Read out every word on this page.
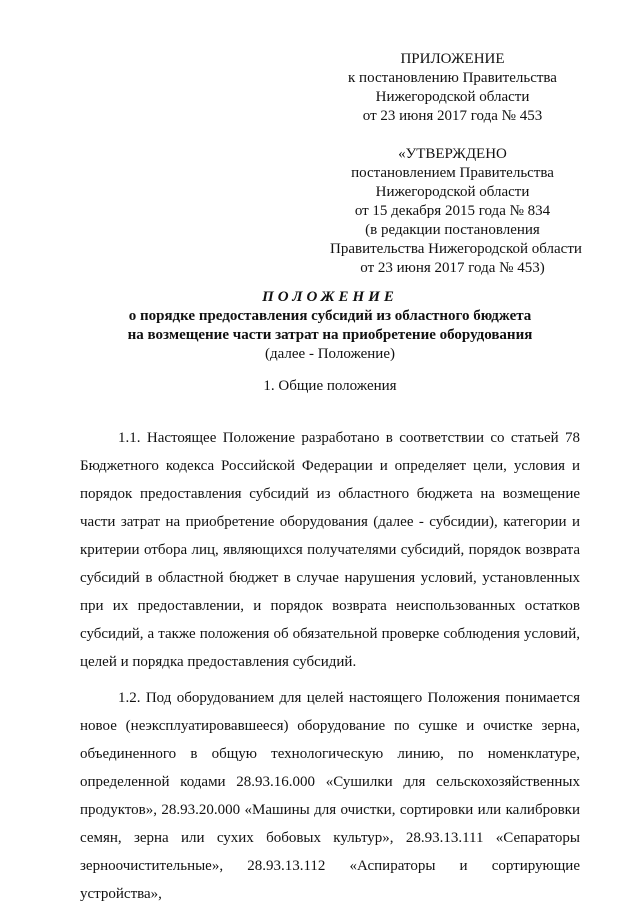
ПРИЛОЖЕНИЕ
к постановлению Правительства
Нижегородской области
от 23 июня 2017 года № 453
«УТВЕРЖДЕНО
постановлением Правительства
Нижегородской области
от 15 декабря 2015 года № 834
(в редакции постановления
Правительства Нижегородской области
от 23 июня 2017 года № 453)
ПОЛОЖЕНИЕ
о порядке предоставления субсидий из областного бюджета
на возмещение части затрат на приобретение оборудования
(далее - Положение)
1. Общие положения

1.1. Настоящее Положение разработано в соответствии со статьей 78 Бюджетного кодекса Российской Федерации и определяет цели, условия и порядок предоставления субсидий из областного бюджета на возмещение части затрат на приобретение оборудования (далее - субсидии), категории и критерии отбора лиц, являющихся получателями субсидий, порядок возврата субсидий в областной бюджет в случае нарушения условий, установленных при их предоставлении, и порядок возврата неиспользованных остатков субсидий, а также положения об обязательной проверке соблюдения условий, целей и порядка предоставления субсидий.

1.2. Под оборудованием для целей настоящего Положения понимается новое (неэксплуатировавшееся) оборудование по сушке и очистке зерна, объединенного в общую технологическую линию, по номенклатуре, определенной кодами 28.93.16.000 «Сушилки для сельскохозяйственных продуктов», 28.93.20.000 «Машины для очистки, сортировки или калибровки семян, зерна или сухих бобовых культур», 28.93.13.111 «Сепараторы зерноочистительные», 28.93.13.112 «Аспираторы и сортирующие устройства»,
